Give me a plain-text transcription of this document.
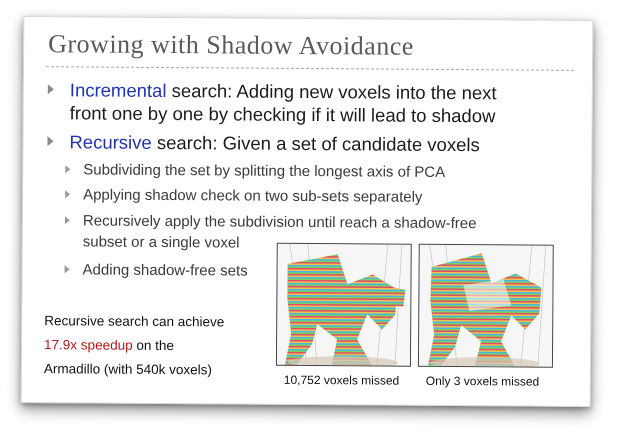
Growing with Shadow Avoidance
Incremental search: Adding new voxels into the next
front one by one by checking if it will lead to shadow
Recursive search: Given a set of candidate voxels
Subdividing the set by splitting the longest axis of PCA
Applying shadow check on two sub-sets separately
Recursively apply the subdivision until reach a shadow-free
subset or a single voxel
Adding shadow-free sets
Recursive search can achieve
17.9x speedup on the
Armadillo (with 540k voxels)
10,752 voxels missed Only 3 voxels missed
